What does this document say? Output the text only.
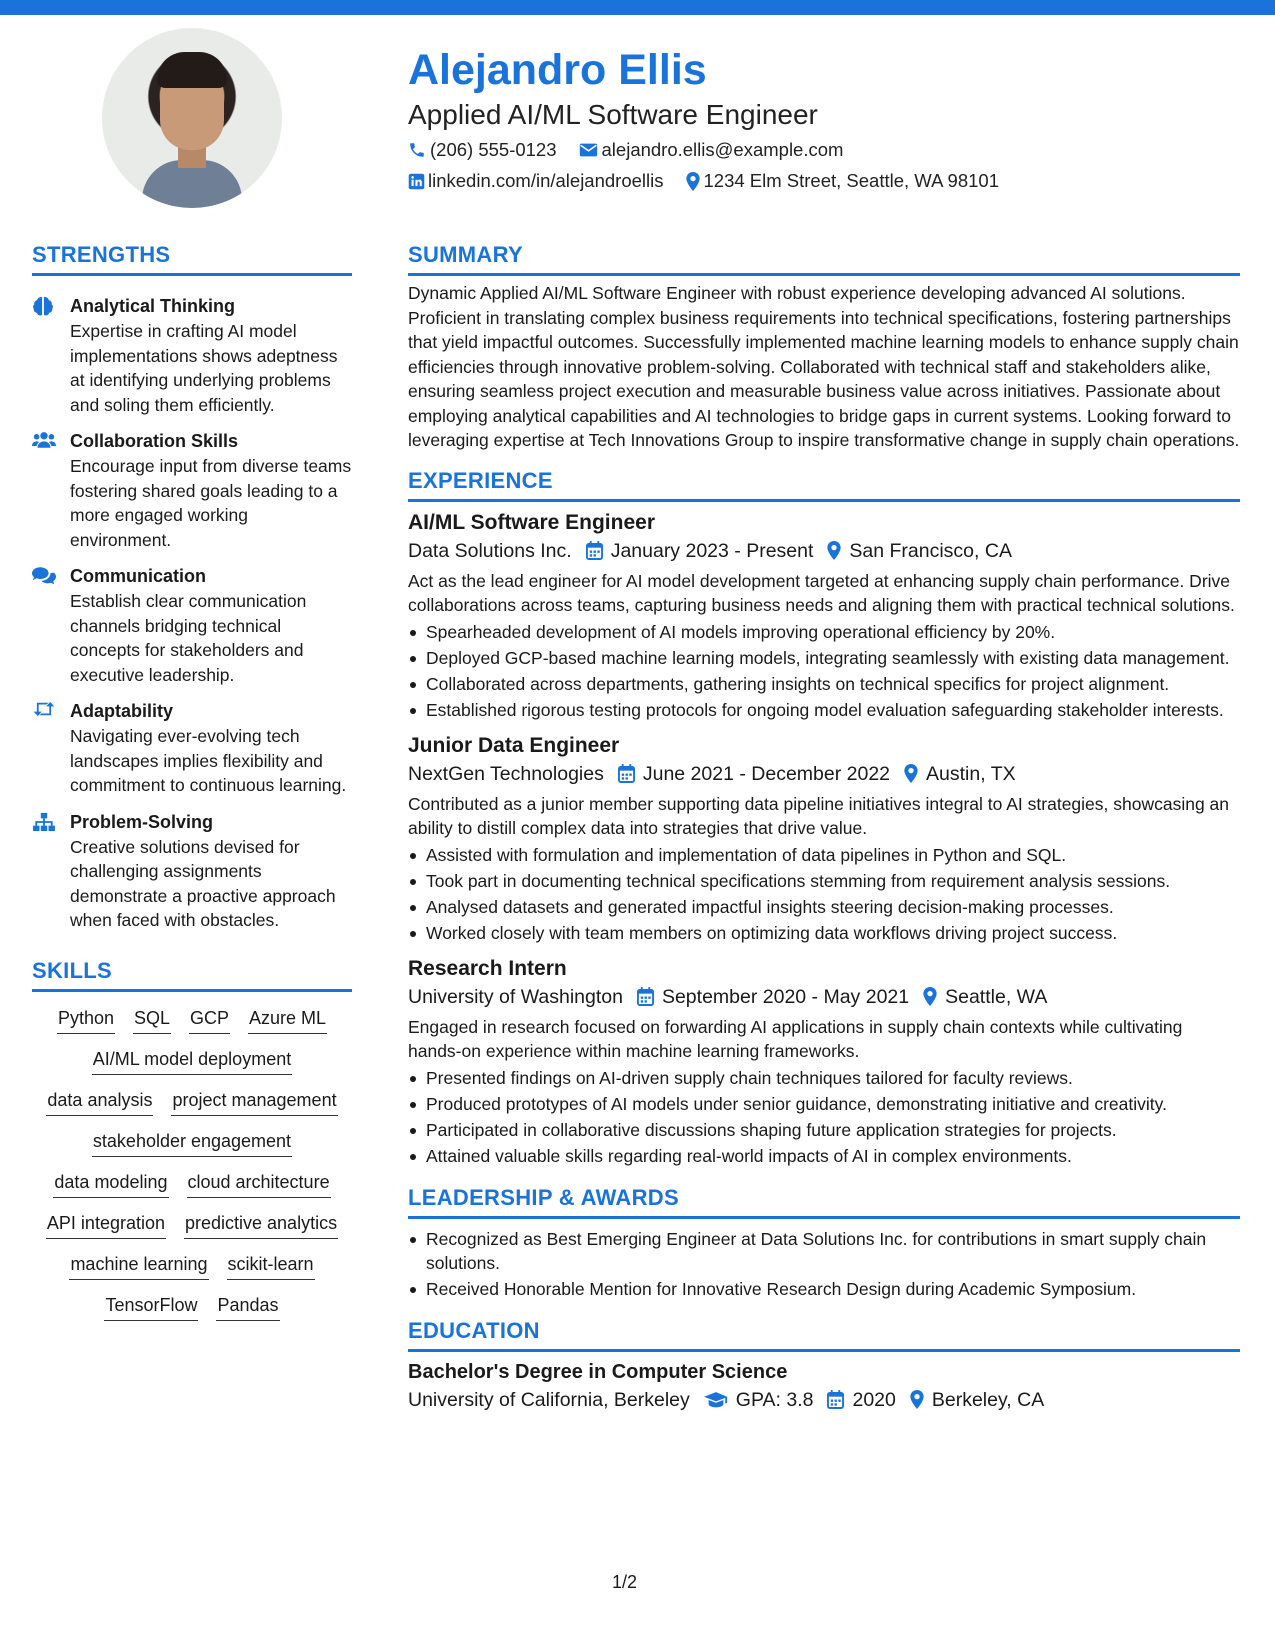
Alejandro Ellis
Applied AI/ML Software Engineer
(206) 555-0123 alejandro.ellis@example.com
linkedin.com/in/alejandroellis 1234 Elm Street, Seattle, WA 98101
STRENGTHS
Analytical Thinking
Expertise in crafting AI model implementations shows adeptness at identifying underlying problems and soling them efficiently.
Collaboration Skills
Encourage input from diverse teams fostering shared goals leading to a more engaged working environment.
Communication
Establish clear communication channels bridging technical concepts for stakeholders and executive leadership.
Adaptability
Navigating ever-evolving tech landscapes implies flexibility and commitment to continuous learning.
Problem-Solving
Creative solutions devised for challenging assignments demonstrate a proactive approach when faced with obstacles.
SKILLS
Python SQL GCP Azure ML
AI/ML model deployment
data analysis project management
stakeholder engagement
data modeling cloud architecture
API integration predictive analytics
machine learning scikit-learn
TensorFlow Pandas
SUMMARY
Dynamic Applied AI/ML Software Engineer with robust experience developing advanced AI solutions. Proficient in translating complex business requirements into technical specifications, fostering partnerships that yield impactful outcomes. Successfully implemented machine learning models to enhance supply chain efficiencies through innovative problem-solving. Collaborated with technical staff and stakeholders alike, ensuring seamless project execution and measurable business value across initiatives. Passionate about employing analytical capabilities and AI technologies to bridge gaps in current systems. Looking forward to leveraging expertise at Tech Innovations Group to inspire transformative change in supply chain operations.
EXPERIENCE
AI/ML Software Engineer
Data Solutions Inc. January 2023 - Present San Francisco, CA
Act as the lead engineer for AI model development targeted at enhancing supply chain performance. Drive collaborations across teams, capturing business needs and aligning them with practical technical solutions.
Spearheaded development of AI models improving operational efficiency by 20%.
Deployed GCP-based machine learning models, integrating seamlessly with existing data management.
Collaborated across departments, gathering insights on technical specifics for project alignment.
Established rigorous testing protocols for ongoing model evaluation safeguarding stakeholder interests.
Junior Data Engineer
NextGen Technologies June 2021 - December 2022 Austin, TX
Contributed as a junior member supporting data pipeline initiatives integral to AI strategies, showcasing an ability to distill complex data into strategies that drive value.
Assisted with formulation and implementation of data pipelines in Python and SQL.
Took part in documenting technical specifications stemming from requirement analysis sessions.
Analysed datasets and generated impactful insights steering decision-making processes.
Worked closely with team members on optimizing data workflows driving project success.
Research Intern
University of Washington September 2020 - May 2021 Seattle, WA
Engaged in research focused on forwarding AI applications in supply chain contexts while cultivating hands-on experience within machine learning frameworks.
Presented findings on AI-driven supply chain techniques tailored for faculty reviews.
Produced prototypes of AI models under senior guidance, demonstrating initiative and creativity.
Participated in collaborative discussions shaping future application strategies for projects.
Attained valuable skills regarding real-world impacts of AI in complex environments.
LEADERSHIP & AWARDS
Recognized as Best Emerging Engineer at Data Solutions Inc. for contributions in smart supply chain solutions.
Received Honorable Mention for Innovative Research Design during Academic Symposium.
EDUCATION
Bachelor's Degree in Computer Science
University of California, Berkeley GPA: 3.8 2020 Berkeley, CA
1/2
